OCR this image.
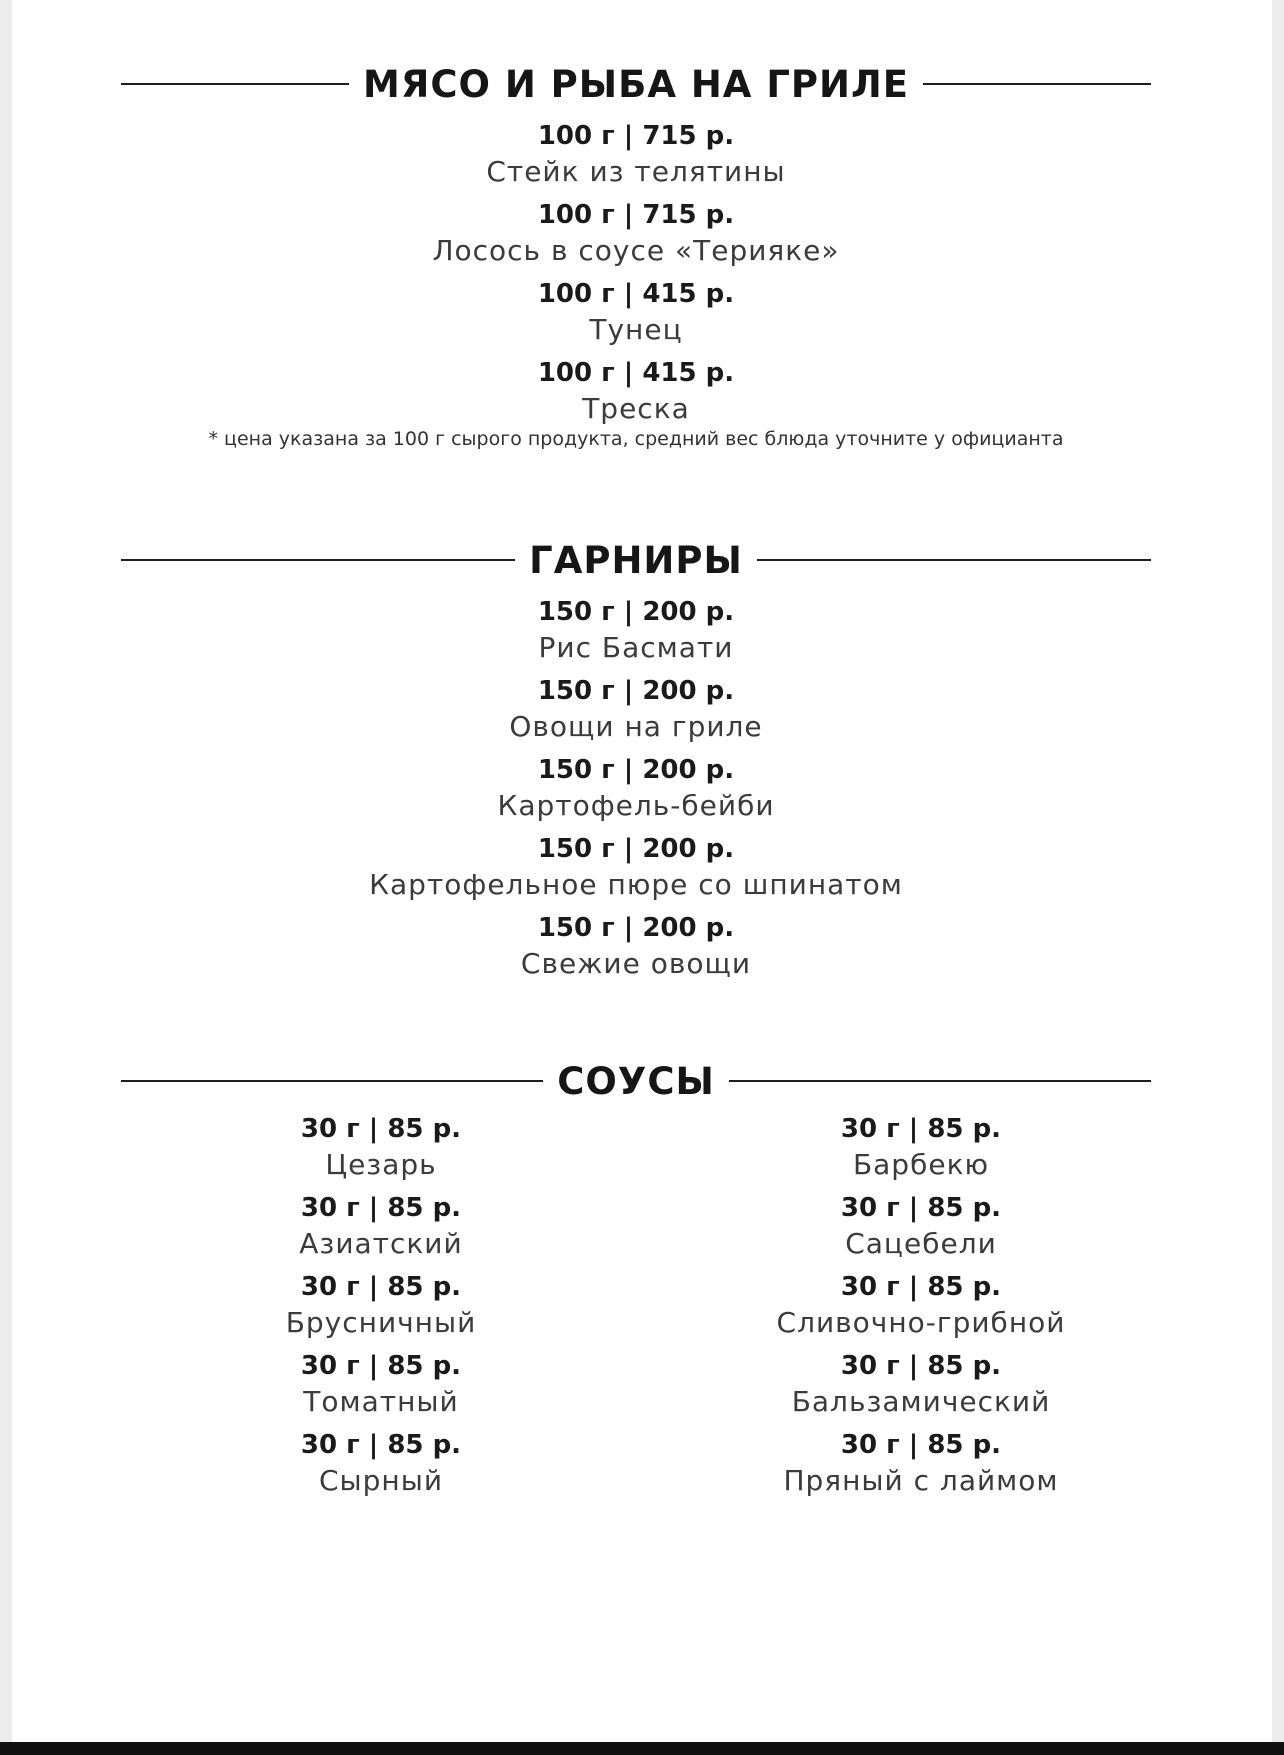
МЯСО И РЫБА НА ГРИЛЕ
100 г | 715 р.
Стейк из телятины
100 г | 715 р.
Лосось в соусе «Терияке»
100 г | 415 р.
Тунец
100 г | 415 р.
Треска
* цена указана за 100 г сырого продукта, средний вес блюда уточните у официанта
ГАРНИРЫ
150 г | 200 р.
Рис Басмати
150 г | 200 р.
Овощи на гриле
150 г | 200 р.
Картофель-бейби
150 г | 200 р.
Картофельное пюре со шпинатом
150 г | 200 р.
Свежие овощи
СОУСЫ
30 г | 85 р.
Цезарь
30 г | 85 р.
Азиатский
30 г | 85 р.
Брусничный
30 г | 85 р.
Томатный
30 г | 85 р.
Сырный
30 г | 85 р.
Барбекю
30 г | 85 р.
Сацебели
30 г | 85 р.
Сливочно-грибной
30 г | 85 р.
Бальзамический
30 г | 85 р.
Пряный с лаймом
